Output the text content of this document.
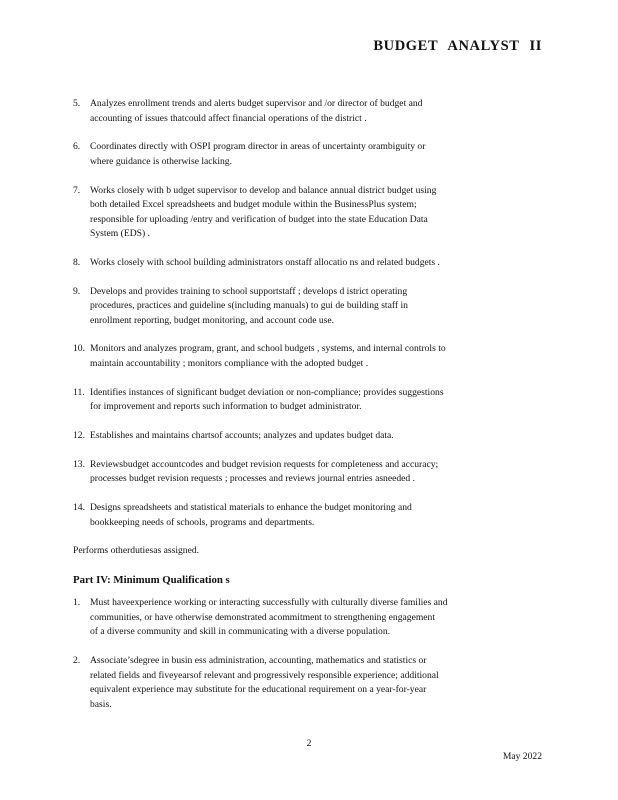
BUDGET ANALYST II
5. Analyzes enrollment trends and alerts budget supervisor and /or director of budget and
accounting of issues thatcould affect financial operations of the district .
6. Coordinates directly with OSPI program director in areas of uncertainty orambiguity or
where guidance is otherwise lacking.
7. Works closely with b udget supervisor to develop and balance annual district budget using
both detailed Excel spreadsheets and budget module within the BusinessPlus system;
responsible for uploading /entry and verification of budget into the state Education Data
System (EDS) .
8. Works closely with school building administrators onstaff allocatio ns and related budgets .
9. Develops and provides training to school supportstaff ; develops d istrict operating
procedures, practices and guideline s(including manuals) to gui de building staff in
enrollment reporting, budget monitoring, and account code use.
10. Monitors and analyzes program, grant, and school budgets , systems, and internal controls to
maintain accountability ; monitors compliance with the adopted budget .
11. Identifies instances of significant budget deviation or non-compliance; provides suggestions
for improvement and reports such information to budget administrator.
12. Establishes and maintains chartsof accounts; analyzes and updates budget data.
13. Reviewsbudget accountcodes and budget revision requests for completeness and accuracy;
processes budget revision requests ; processes and reviews journal entries asneeded .
14. Designs spreadsheets and statistical materials to enhance the budget monitoring and
bookkeeping needs of schools, programs and departments.

Performs otherdutiesas assigned.

Part IV: Minimum Qualification s
1. Must haveexperience working or interacting successfully with culturally diverse families and
communities, or have otherwise demonstrated acommitment to strengthening engagement
of a diverse community and skill in communicating with a diverse population.
2. Associate’sdegree in busin ess administration, accounting, mathematics and statistics or
related fields and fiveyearsof relevant and progressively responsible experience; additional
equivalent experience may substitute for the educational requirement on a year-for-year
basis.
2
May 2022
